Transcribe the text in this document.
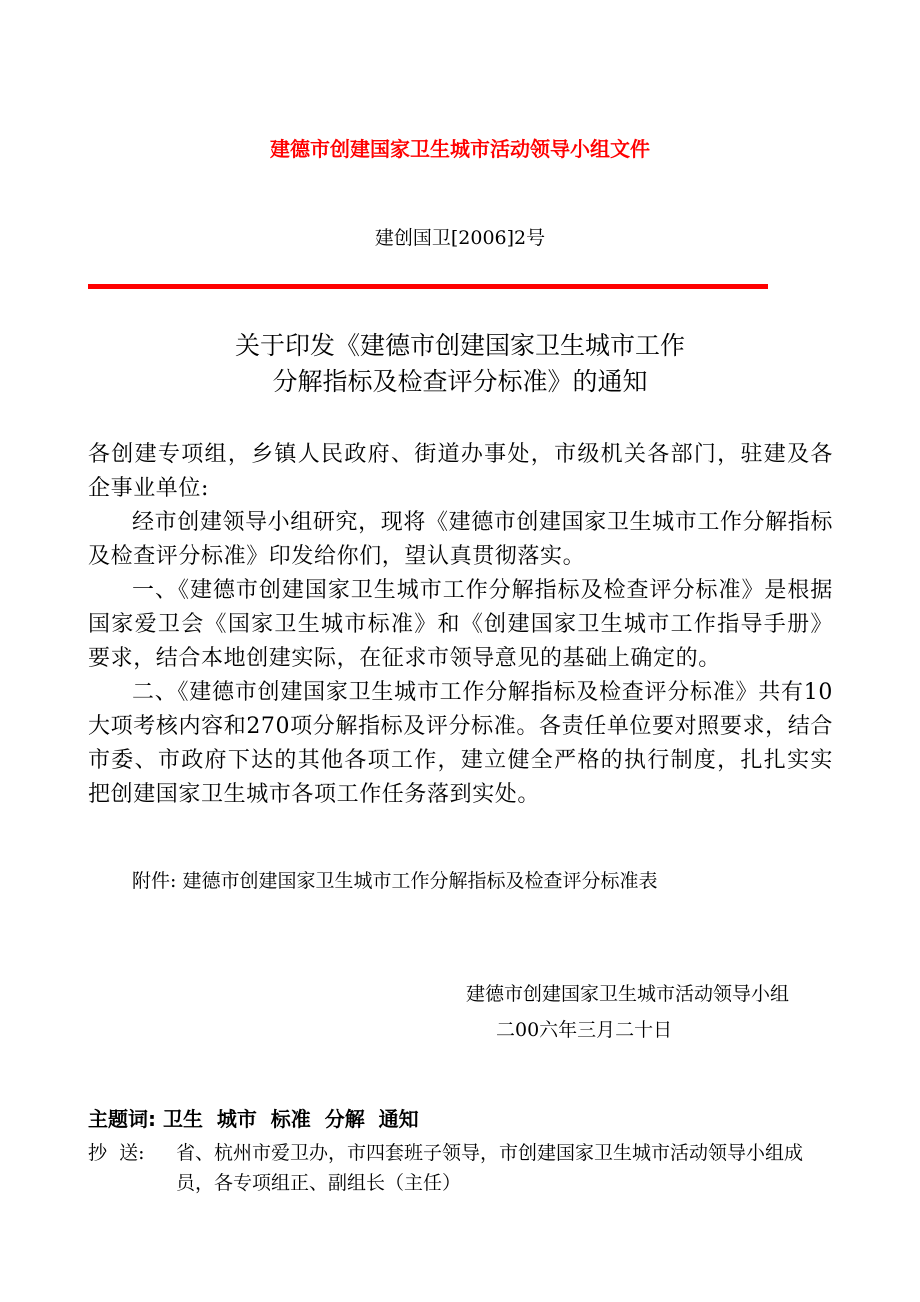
建德市创建国家卫生城市活动领导小组文件
建创国卫[2006]2号
关于印发《建德市创建国家卫生城市工作
分解指标及检查评分标准》的通知

各创建专项组，乡镇人民政府、街道办事处，市级机关各部门，驻建及各企事业单位:

经市创建领导小组研究，现将《建德市创建国家卫生城市工作分解指标及检查评分标准》印发给你们，望认真贯彻落实。

一、《建德市创建国家卫生城市工作分解指标及检查评分标准》是根据国家爱卫会《国家卫生城市标准》和《创建国家卫生城市工作指导手册》要求，结合本地创建实际，在征求市领导意见的基础上确定的。

二、《建德市创建国家卫生城市工作分解指标及检查评分标准》共有10大项考核内容和270项分解指标及评分标准。各责任单位要对照要求，结合市委、市政府下达的其他各项工作，建立健全严格的执行制度，扎扎实实把创建国家卫生城市各项工作任务落到实处。

附件: 建德市创建国家卫生城市工作分解指标及检查评分标准表
建德市创建国家卫生城市活动领导小组
二00六年三月二十日
主题词: 卫生  城市  标准  分解  通知
抄  送: 省、杭州市爱卫办，市四套班子领导，市创建国家卫生城市活动领导小组成员，各专项组正、副组长（主任）
